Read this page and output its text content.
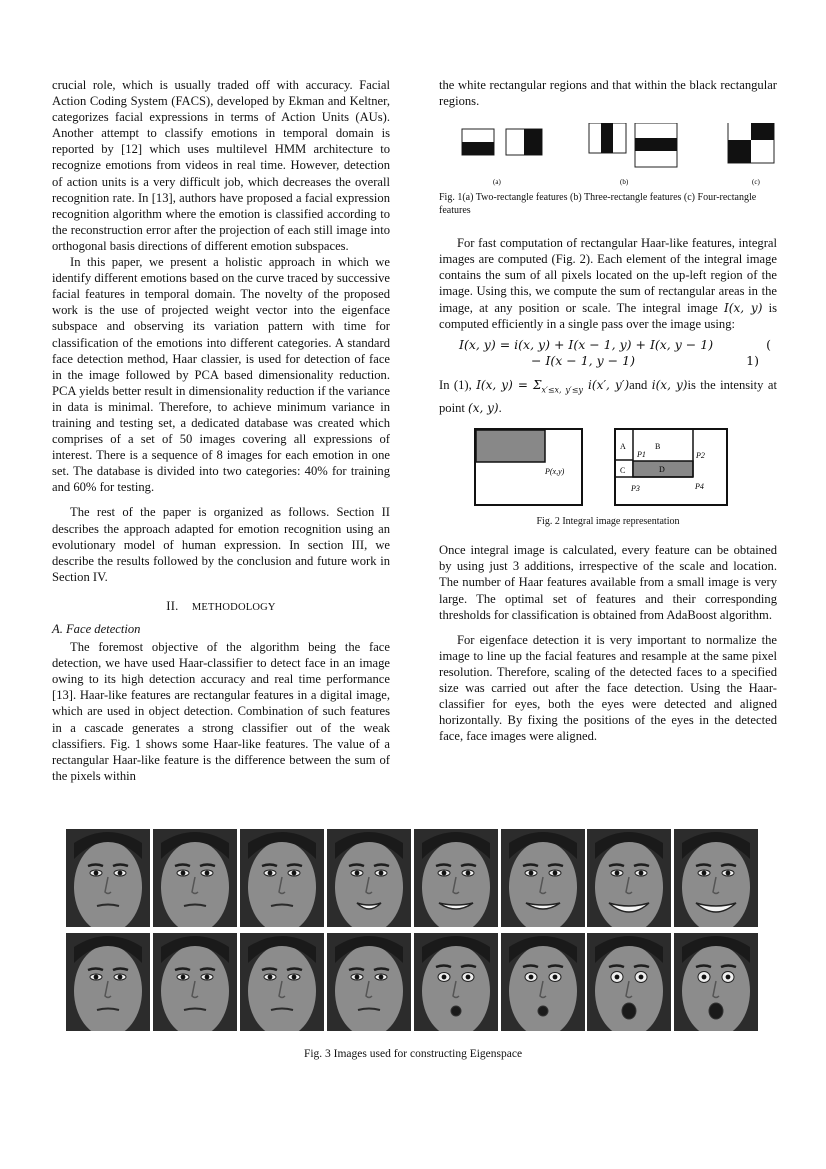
crucial role, which is usually traded off with accuracy. Facial Action Coding System (FACS), developed by Ekman and Keltner, categorizes facial expressions in terms of Action Units (AUs). Another attempt to classify emotions in temporal domain is reported by [12] which uses multilevel HMM architecture to recognize emotions from videos in real time. However, detection of action units is a very difficult job, which decreases the overall recognition rate. In [13], authors have proposed a facial expression recognition algorithm where the emotion is classified according to the reconstruction error after the projection of each still image into orthogonal basis directions of different emotion subspaces.

In this paper, we present a holistic approach in which we identify different emotions based on the curve traced by successive facial features in temporal domain. The novelty of the proposed work is the use of projected weight vector into the eigenface subspace and observing its variation pattern with time for classification of the emotions into different categories. A standard face detection method, Haar classier, is used for detection of face in the image followed by PCA based dimensionality reduction. PCA yields better result in dimensionality reduction if the variance in data is minimal. Therefore, to achieve minimum variance in training and testing set, a dedicated database was created which comprises of a set of 50 images covering all expressions of interest. There is a sequence of 8 images for each emotion in one set. The database is divided into two categories: 40% for training and 60% for testing.

The rest of the paper is organized as follows. Section II describes the approach adapted for emotion recognition using an evolutionary model of human expression. In section III, we describe the results followed by the conclusion and future work in Section IV.

II. METHODOLOGY

A. Face detection

The foremost objective of the algorithm being the face detection, we have used Haar-classifier to detect face in an image owing to its high detection accuracy and real time performance [13]. Haar-like features are rectangular features in a digital image, which are used in object detection. Combination of such features in a cascade generates a strong classifier out of the weak classifiers. Fig. 1 shows some Haar-like features. The value of a rectangular Haar-like feature is the difference between the sum of the pixels within

the white rectangular regions and that within the black rectangular regions.

(a)	(b)	(c)

Fig. 1(a) Two-rectangle features (b) Three-rectangle features (c) Four-rectangle features

For fast computation of rectangular Haar-like features, integral images are computed (Fig. 2). Each element of the integral image contains the sum of all pixels located on the up-left region of the image. Using this, we compute the sum of rectangular areas in the image, at any position or scale. The integral image I(x, y) is computed efficiently in a single pass over the image using:

I(x, y) = i(x, y) + I(x − 1, y) + I(x, y − 1)
− I(x − 1, y − 1)
(
1)

In (1), I(x, $y) = \Sigma_{x'\le x, y'\le y}$ i(x′, y′)and i(x, y)is the intensity at point (x, y).

P(x,y)
A	B
C	D
P1	P2
P3	P4

Fig. 2 Integral image representation

Once integral image is calculated, every feature can be obtained by using just 3 additions, irrespective of the scale and location. The number of Haar features available from a small image is very large. The optimal set of features and their corresponding thresholds for classification is obtained from AdaBoost algorithm.

For eigenface detection it is very important to normalize the image to line up the facial features and resample at the same pixel resolution. Therefore, scaling of the detected faces to a specified size was carried out after the face detection. Using the Haar-classifier for eyes, both the eyes were detected and aligned horizontally. By fixing the positions of the eyes in the detected face, face images were aligned.

Fig. 3 Images used for constructing Eigenspace
